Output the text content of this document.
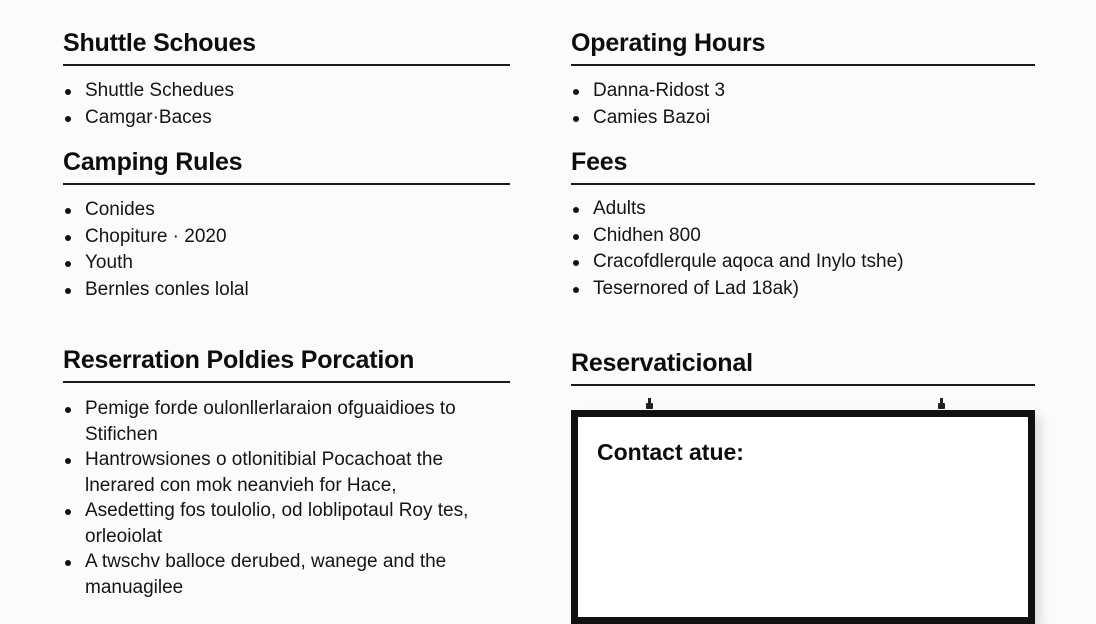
Shuttle Schoues
Shuttle Schedues
Camgar·Baces
Operating Hours
Danna-Ridost 3
Camies Bazoi
Camping Rules
Conides
Chopiture · 2020
Youth
Bernles conles lolal
Fees
Adults
Chidhen 800
Cracofdlerqule aqoca and Inylo tshe)
Tesernored of Lad 18ak)
Reserration Poldies Porcation
Pemige forde oulonllerlaraion ofguaidioes to Stifichen
Hantrowsiones o otlonitibial Pocachoat the lnerared con mok neanvieh for Hace,
Asedetting fos toulolio, od loblipotaul Roy tes, orleoiolat
A twschv balloce derubed, wanege and the manuagilee
Reservaticional
Contact atue:
